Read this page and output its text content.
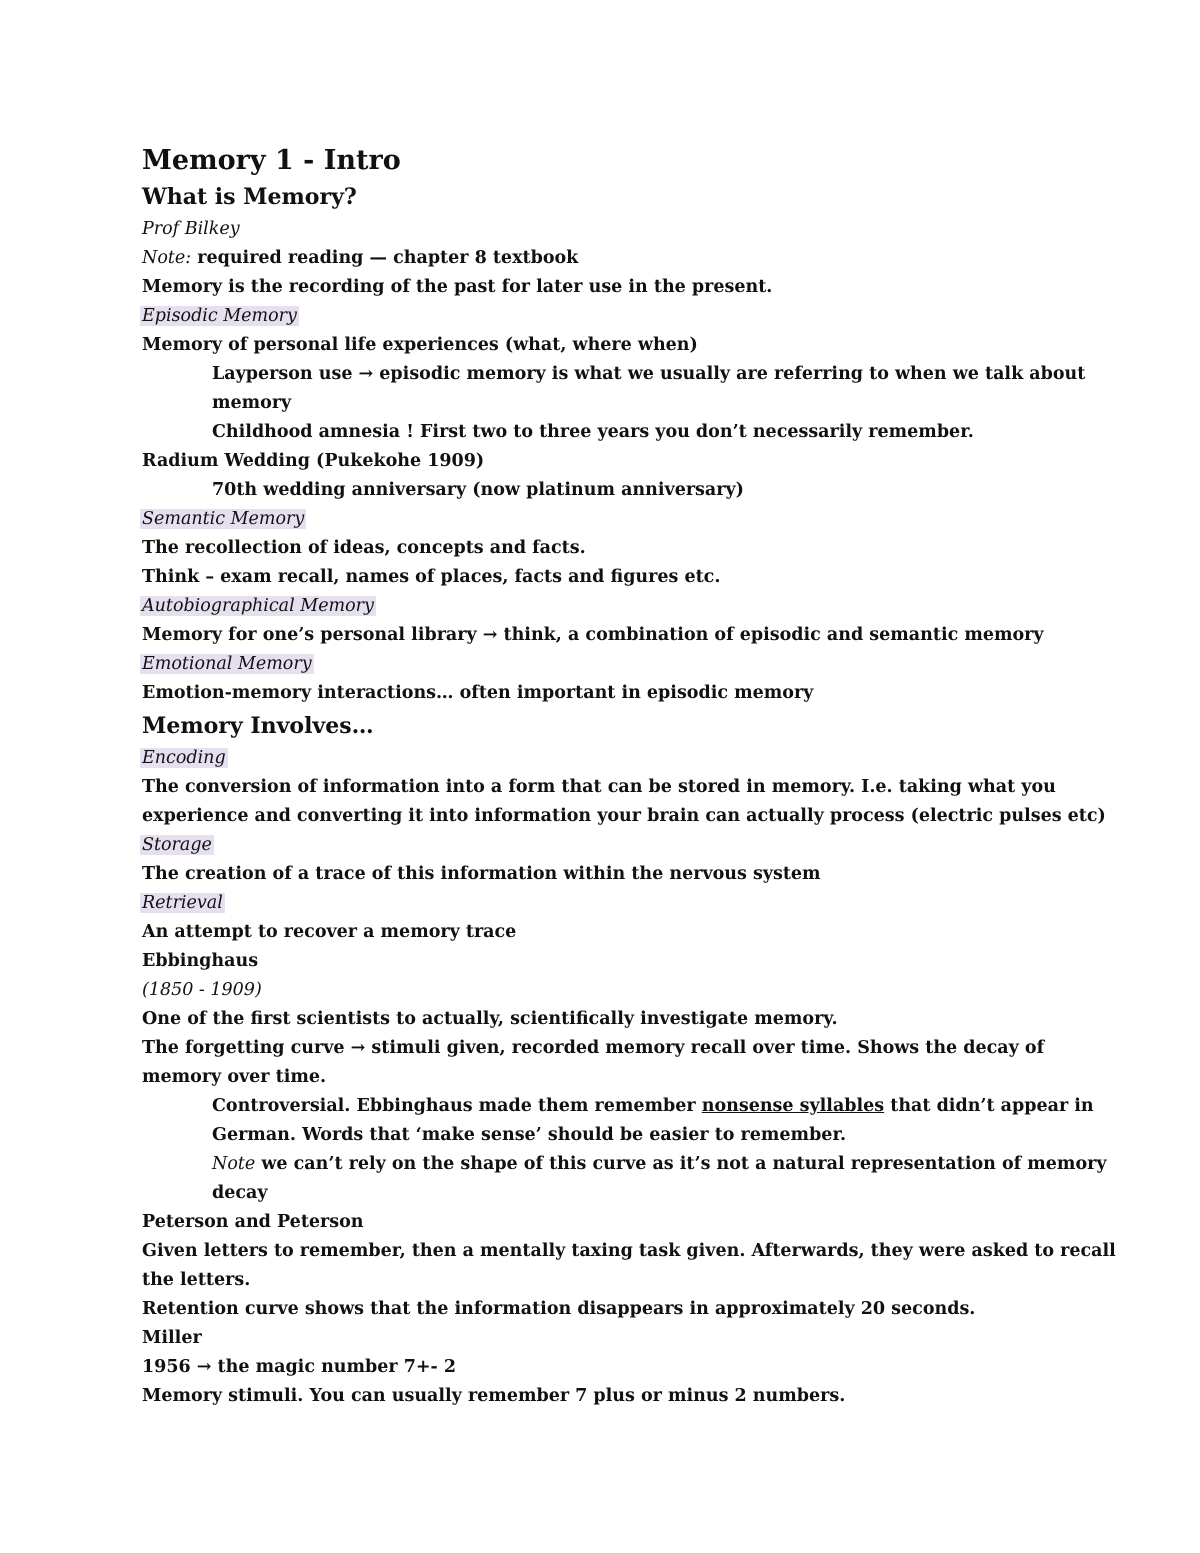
Memory 1 - Intro
What is Memory?
Prof Bilkey
Note: required reading — chapter 8 textbook
Memory is the recording of the past for later use in the present.
Episodic Memory
Memory of personal life experiences (what, where when)
Layperson use → episodic memory is what we usually are referring to when we talk about
memory
Childhood amnesia ! First two to three years you don’t necessarily remember.
Radium Wedding (Pukekohe 1909)
70th wedding anniversary (now platinum anniversary)
Semantic Memory
The recollection of ideas, concepts and facts.
Think – exam recall, names of places, facts and figures etc.
Autobiographical Memory
Memory for one’s personal library → think, a combination of episodic and semantic memory
Emotional Memory
Emotion-memory interactions… often important in episodic memory
Memory Involves…
Encoding
The conversion of information into a form that can be stored in memory. I.e. taking what you
experience and converting it into information your brain can actually process (electric pulses etc)
Storage
The creation of a trace of this information within the nervous system
Retrieval
An attempt to recover a memory trace
Ebbinghaus
(1850 - 1909)
One of the first scientists to actually, scientifically investigate memory.
The forgetting curve → stimuli given, recorded memory recall over time. Shows the decay of
memory over time.
Controversial. Ebbinghaus made them remember nonsense syllables that didn’t appear in
German. Words that ‘make sense’ should be easier to remember.
Note we can’t rely on the shape of this curve as it’s not a natural representation of memory
decay
Peterson and Peterson
Given letters to remember, then a mentally taxing task given. Afterwards, they were asked to recall
the letters.
Retention curve shows that the information disappears in approximately 20 seconds.
Miller
1956 → the magic number 7+- 2
Memory stimuli. You can usually remember 7 plus or minus 2 numbers.
